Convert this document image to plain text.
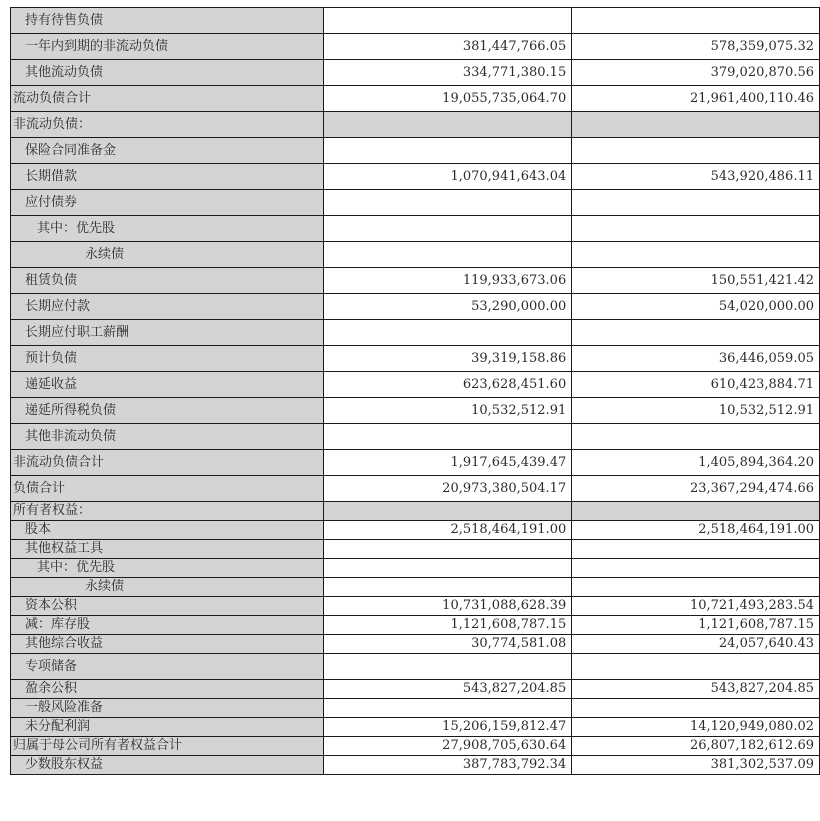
持有待售负债		
一年内到期的非流动负债	381,447,766.05	578,359,075.32
其他流动负债	334,771,380.15	379,020,870.56
流动负债合计	19,055,735,064.70	21,961,400,110.46
非流动负债：		
保险合同准备金		
长期借款	1,070,941,643.04	543,920,486.11
应付债券		
其中：优先股		
永续债		
租赁负债	119,933,673.06	150,551,421.42
长期应付款	53,290,000.00	54,020,000.00
长期应付职工薪酬		
预计负债	39,319,158.86	36,446,059.05
递延收益	623,628,451.60	610,423,884.71
递延所得税负债	10,532,512.91	10,532,512.91
其他非流动负债		
非流动负债合计	1,917,645,439.47	1,405,894,364.20
负债合计	20,973,380,504.17	23,367,294,474.66
所有者权益：		
股本	2,518,464,191.00	2,518,464,191.00
其他权益工具		
其中：优先股		
永续债		
资本公积	10,731,088,628.39	10,721,493,283.54
减：库存股	1,121,608,787.15	1,121,608,787.15
其他综合收益	30,774,581.08	24,057,640.43
专项储备		
盈余公积	543,827,204.85	543,827,204.85
一般风险准备		
未分配利润	15,206,159,812.47	14,120,949,080.02
归属于母公司所有者权益合计	27,908,705,630.64	26,807,182,612.69
少数股东权益	387,783,792.34	381,302,537.09
